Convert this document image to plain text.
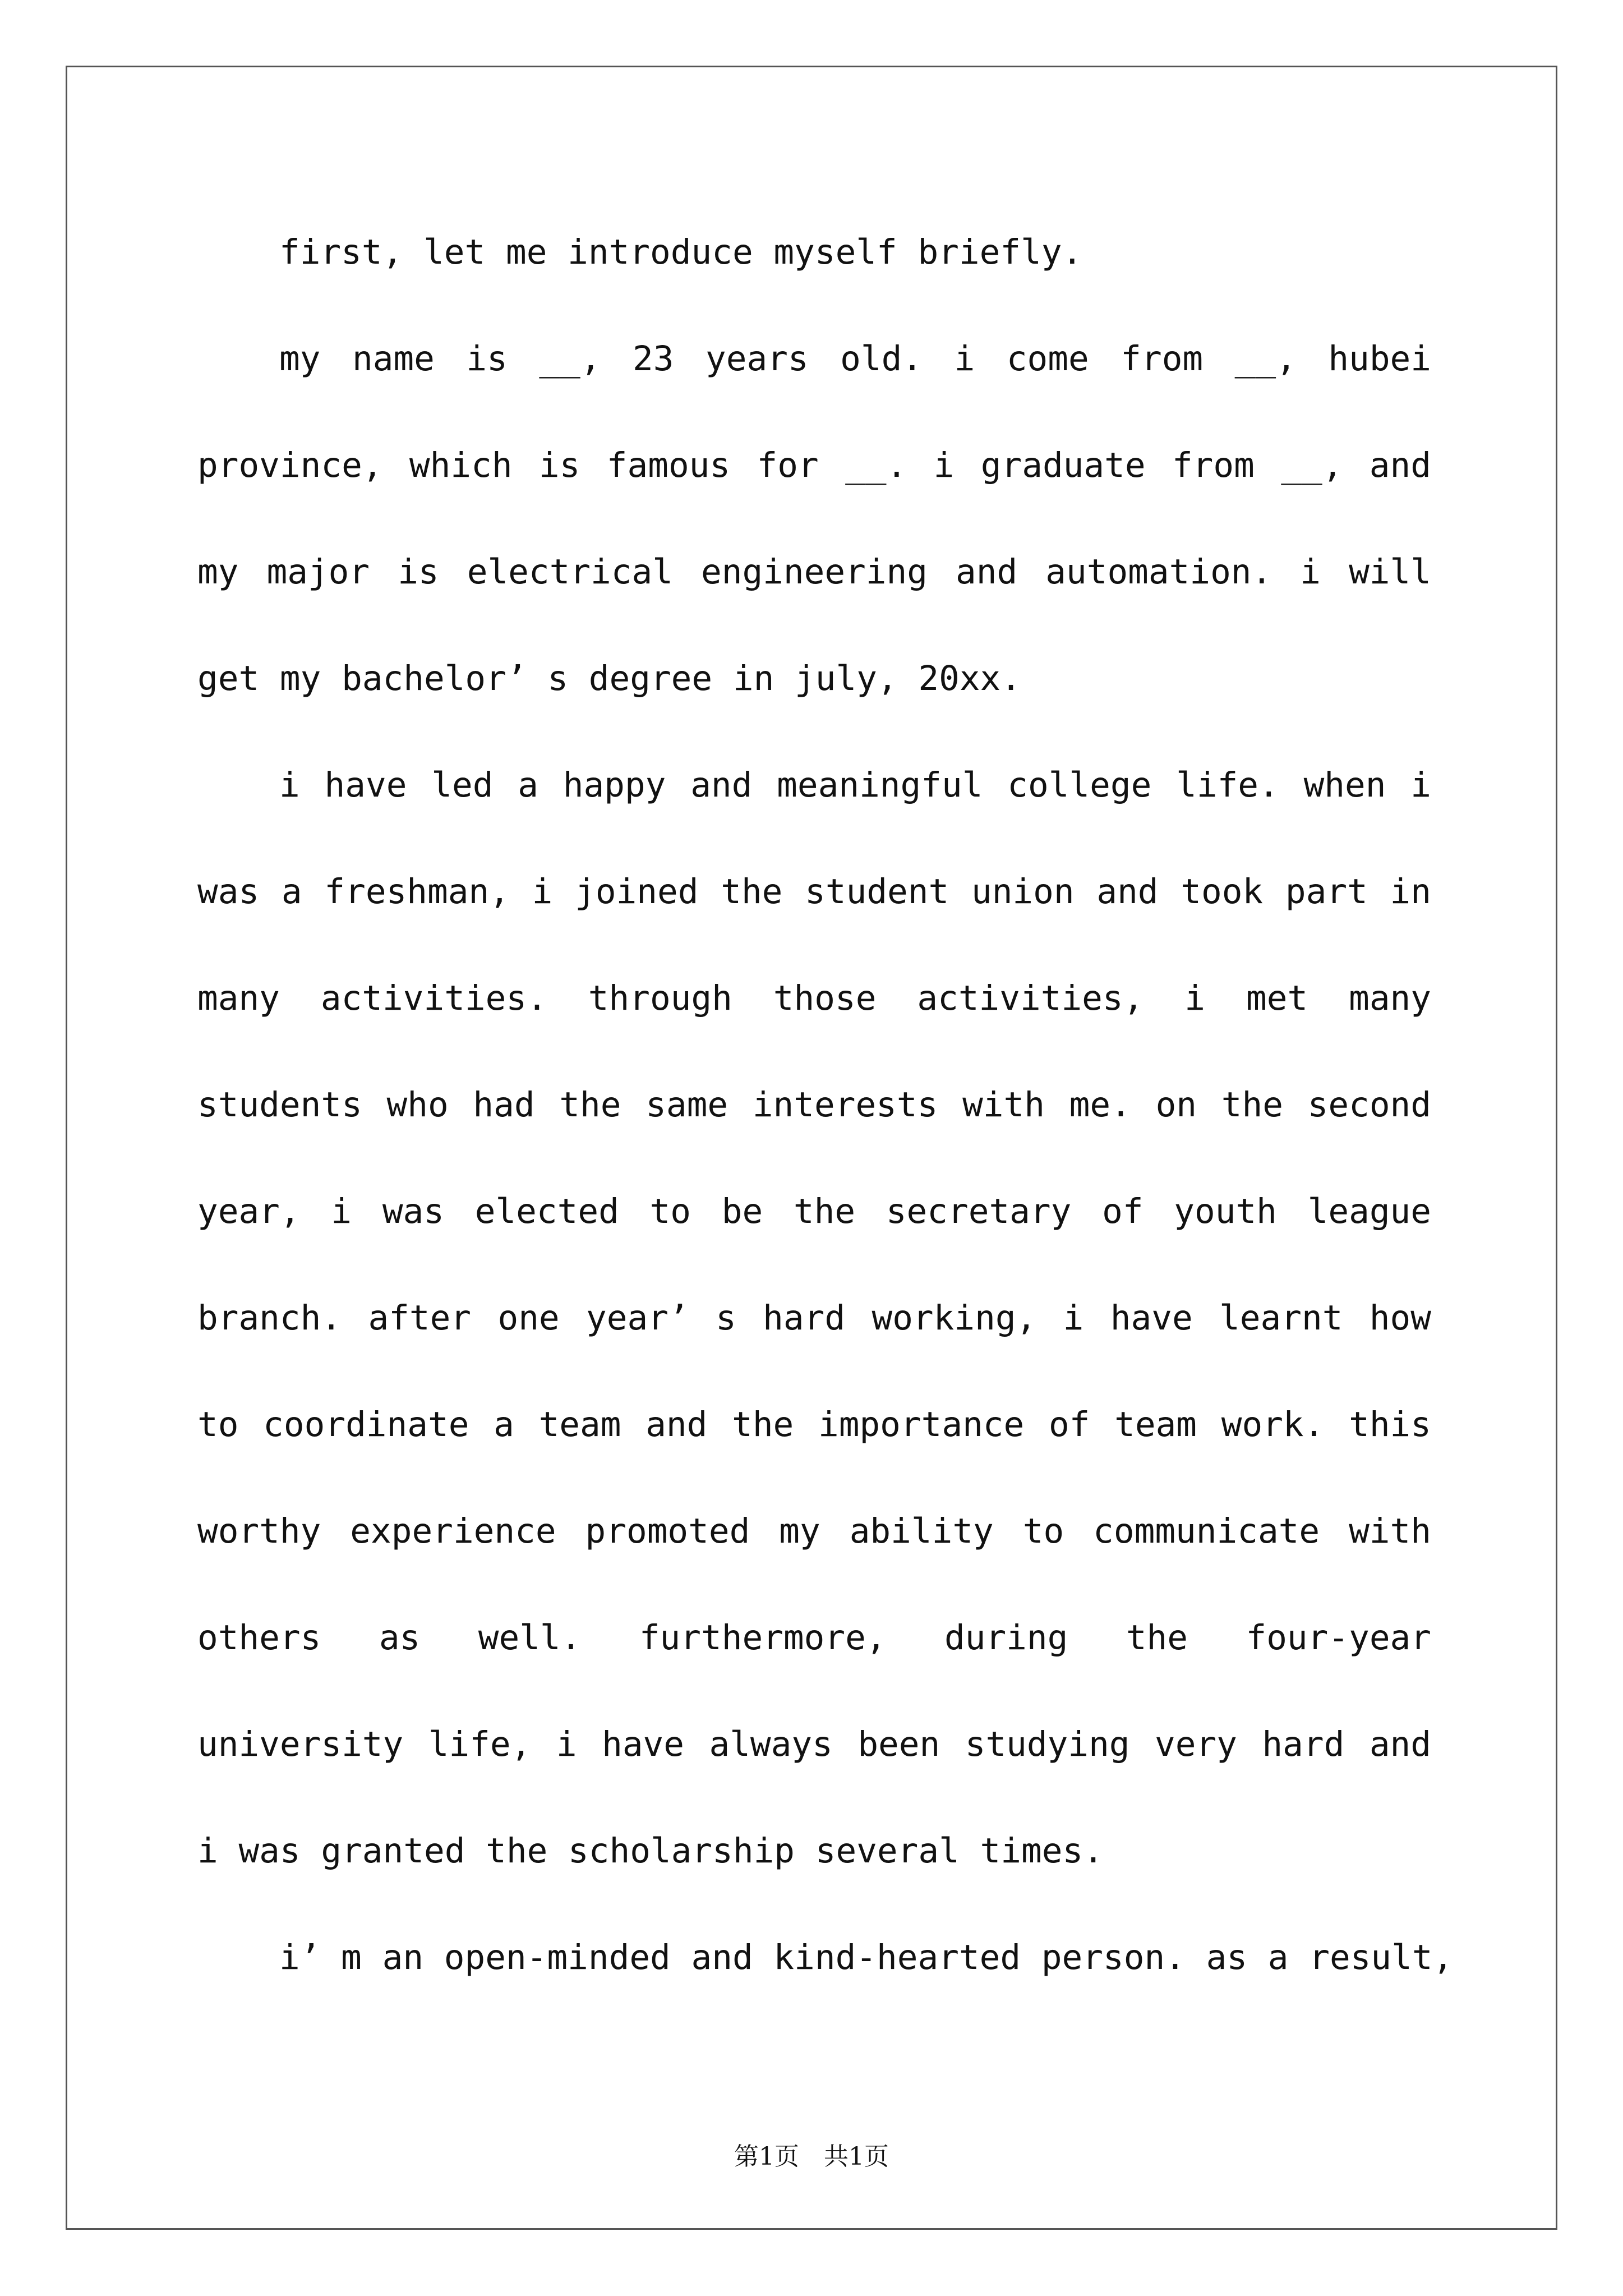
first, let me introduce myself briefly.

my name is __, 23 years old. i come from __, hubei province, which is famous for __. i graduate from __, and my major is electrical engineering and automation. i will get my bachelor’ s degree in july, 20xx.

i have led a happy and meaningful college life. when i was a freshman, i joined the student union and took part in many activities. through those activities, i met many students who had the same interests with me. on the second year, i was elected to be the secretary of youth league branch. after one year’ s hard working, i have learnt how to coordinate a team and the importance of team work. this worthy experience promoted my ability to communicate with others as well. furthermore, during the four-year university life, i have always been studying very hard and i was granted the scholarship several times.

i’ m an open-minded and kind-hearted person. as a result,

第1页　共1页
